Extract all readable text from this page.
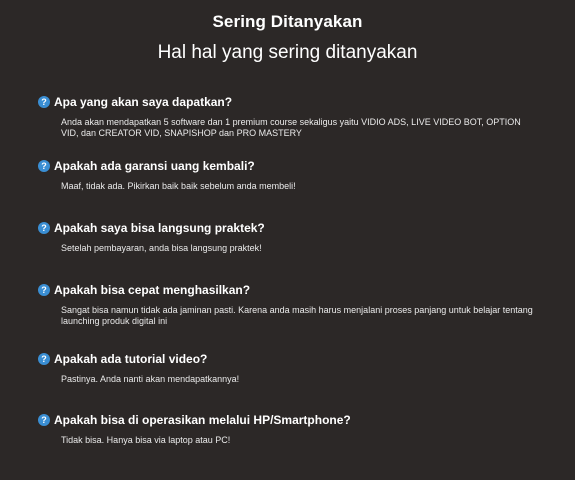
Sering Ditanyakan
Hal hal yang sering ditanyakan
? Apa yang akan saya dapatkan?
Anda akan mendapatkan 5 software dan 1 premium course sekaligus yaitu VIDIO ADS, LIVE VIDEO BOT, OPTION VID, dan CREATOR VID, SNAPISHOP dan PRO MASTERY
? Apakah ada garansi uang kembali?
Maaf, tidak ada. Pikirkan baik baik sebelum anda membeli!
? Apakah saya bisa langsung praktek?
Setelah pembayaran, anda bisa langsung praktek!
? Apakah bisa cepat menghasilkan?
Sangat bisa namun tidak ada jaminan pasti. Karena anda masih harus menjalani proses panjang untuk belajar tentang launching produk digital ini
? Apakah ada tutorial video?
Pastinya. Anda nanti akan mendapatkannya!
? Apakah bisa di operasikan melalui HP/Smartphone?
Tidak bisa. Hanya bisa via laptop atau PC!
